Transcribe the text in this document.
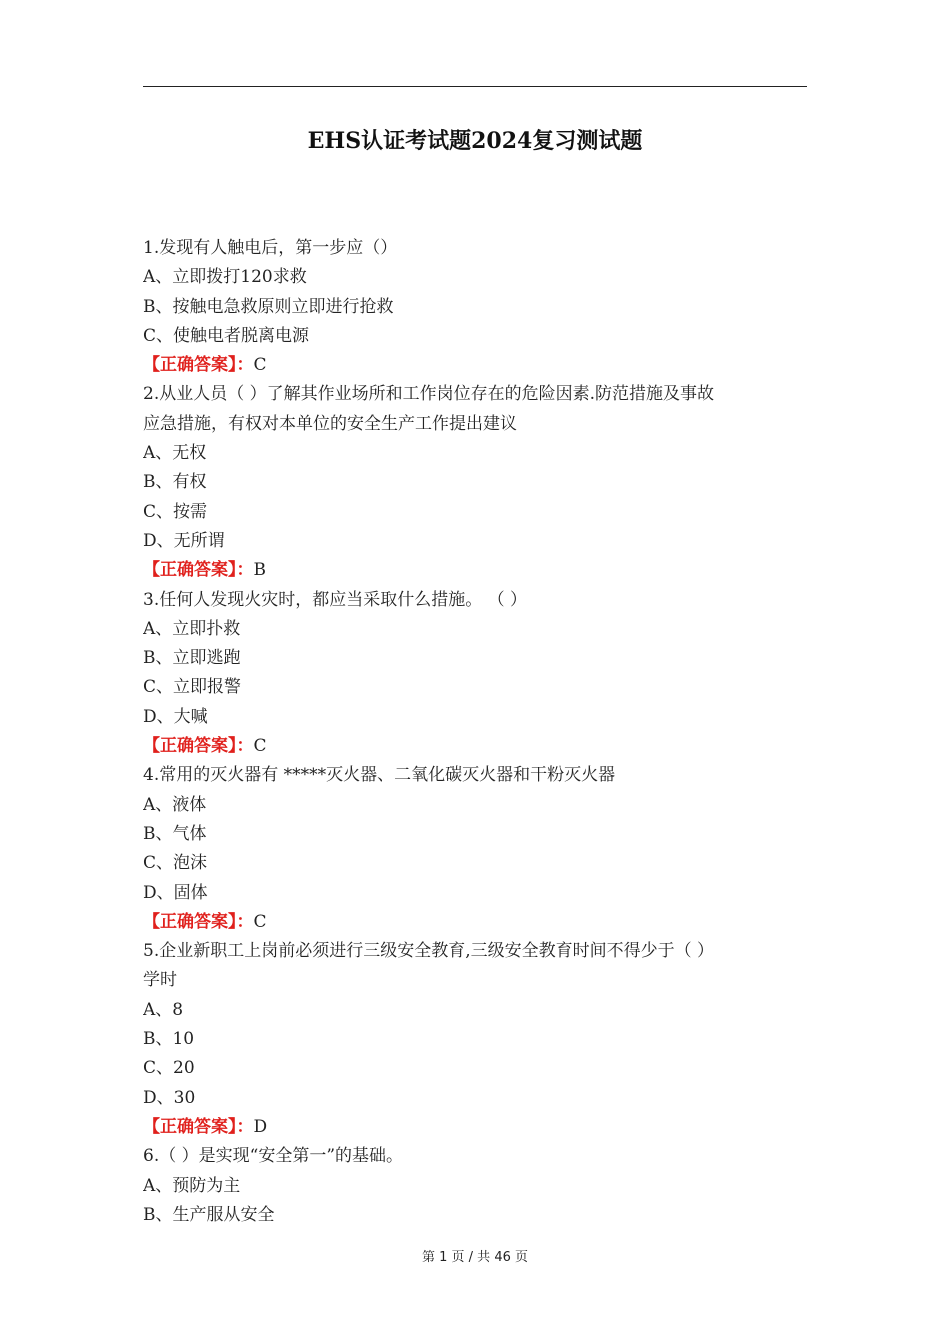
EHS认证考试题2024复习测试题
1.发现有人触电后，第一步应（）
A、立即拨打120求救
B、按触电急救原则立即进行抢救
C、使触电者脱离电源
【正确答案】：C
2.从业人员（ ）了解其作业场所和工作岗位存在的危险因素.防范措施及事故
应急措施，有权对本单位的安全生产工作提出建议
A、无权
B、有权
C、按需
D、无所谓
【正确答案】：B
3.任何人发现火灾时，都应当采取什么措施。 （ ）
A、立即扑救
B、立即逃跑
C、立即报警
D、大喊
【正确答案】：C
4.常用的灭火器有 *****灭火器、二氧化碳灭火器和干粉灭火器
A、液体
B、气体
C、泡沫
D、固体
【正确答案】：C
5.企业新职工上岗前必须进行三级安全教育,三级安全教育时间不得少于（ ）
学时
A、8
B、10
C、20
D、30
【正确答案】：D
6.（ ）是实现“安全第一”的基础。
A、预防为主
B、生产服从安全
第 1 页 / 共 46 页
